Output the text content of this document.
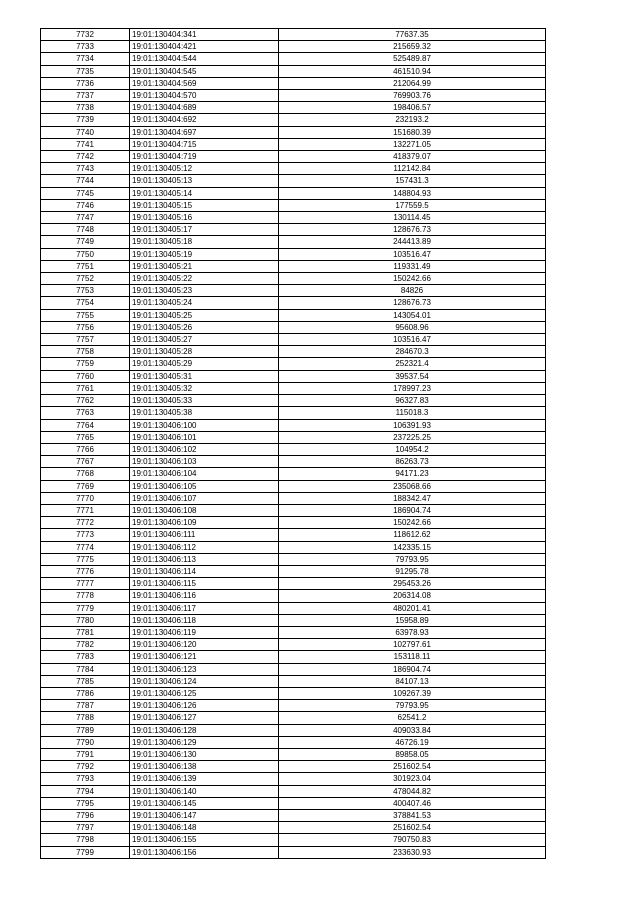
7732	19:01:130404:341	77637.35
7733	19:01:130404:421	215659.32
7734	19:01:130404:544	525489.87
7735	19:01:130404:545	461510.94
7736	19:01:130404:569	212064.99
7737	19:01:130404:570	769903.76
7738	19:01:130404:689	198406.57
7739	19:01:130404:692	232193.2
7740	19:01:130404:697	151680.39
7741	19:01:130404:715	132271.05
7742	19:01:130404:719	418379.07
7743	19:01:130405:12	112142.84
7744	19:01:130405:13	157431.3
7745	19:01:130405:14	148804.93
7746	19:01:130405:15	177559.5
7747	19:01:130405:16	130114.45
7748	19:01:130405:17	128676.73
7749	19:01:130405:18	244413.89
7750	19:01:130405:19	103516.47
7751	19:01:130405:21	119331.49
7752	19:01:130405:22	150242.66
7753	19:01:130405:23	84826
7754	19:01:130405:24	128676.73
7755	19:01:130405:25	143054.01
7756	19:01:130405:26	95608.96
7757	19:01:130405:27	103516.47
7758	19:01:130405:28	284670.3
7759	19:01:130405:29	252321.4
7760	19:01:130405:31	39537.54
7761	19:01:130405:32	178997.23
7762	19:01:130405:33	96327.83
7763	19:01:130405:38	115018.3
7764	19:01:130406:100	106391.93
7765	19:01:130406:101	237225.25
7766	19:01:130406:102	104954.2
7767	19:01:130406:103	86263.73
7768	19:01:130406:104	94171.23
7769	19:01:130406:105	235068.66
7770	19:01:130406:107	188342.47
7771	19:01:130406:108	186904.74
7772	19:01:130406:109	150242.66
7773	19:01:130406:111	118612.62
7774	19:01:130406:112	142335.15
7775	19:01:130406:113	79793.95
7776	19:01:130406:114	91295.78
7777	19:01:130406:115	295453.26
7778	19:01:130406:116	206314.08
7779	19:01:130406:117	480201.41
7780	19:01:130406:118	15958.89
7781	19:01:130406:119	63978.93
7782	19:01:130406:120	102797.61
7783	19:01:130406:121	153118.11
7784	19:01:130406:123	186904.74
7785	19:01:130406:124	84107.13
7786	19:01:130406:125	109267.39
7787	19:01:130406:126	79793.95
7788	19:01:130406:127	62541.2
7789	19:01:130406:128	409033.84
7790	19:01:130406:129	46726.19
7791	19:01:130406:130	89858.05
7792	19:01:130406:138	251602.54
7793	19:01:130406:139	301923.04
7794	19:01:130406:140	478044.82
7795	19:01:130406:145	400407.46
7796	19:01:130406:147	378841.53
7797	19:01:130406:148	251602.54
7798	19:01:130406:155	790750.83
7799	19:01:130406:156	233630.93
